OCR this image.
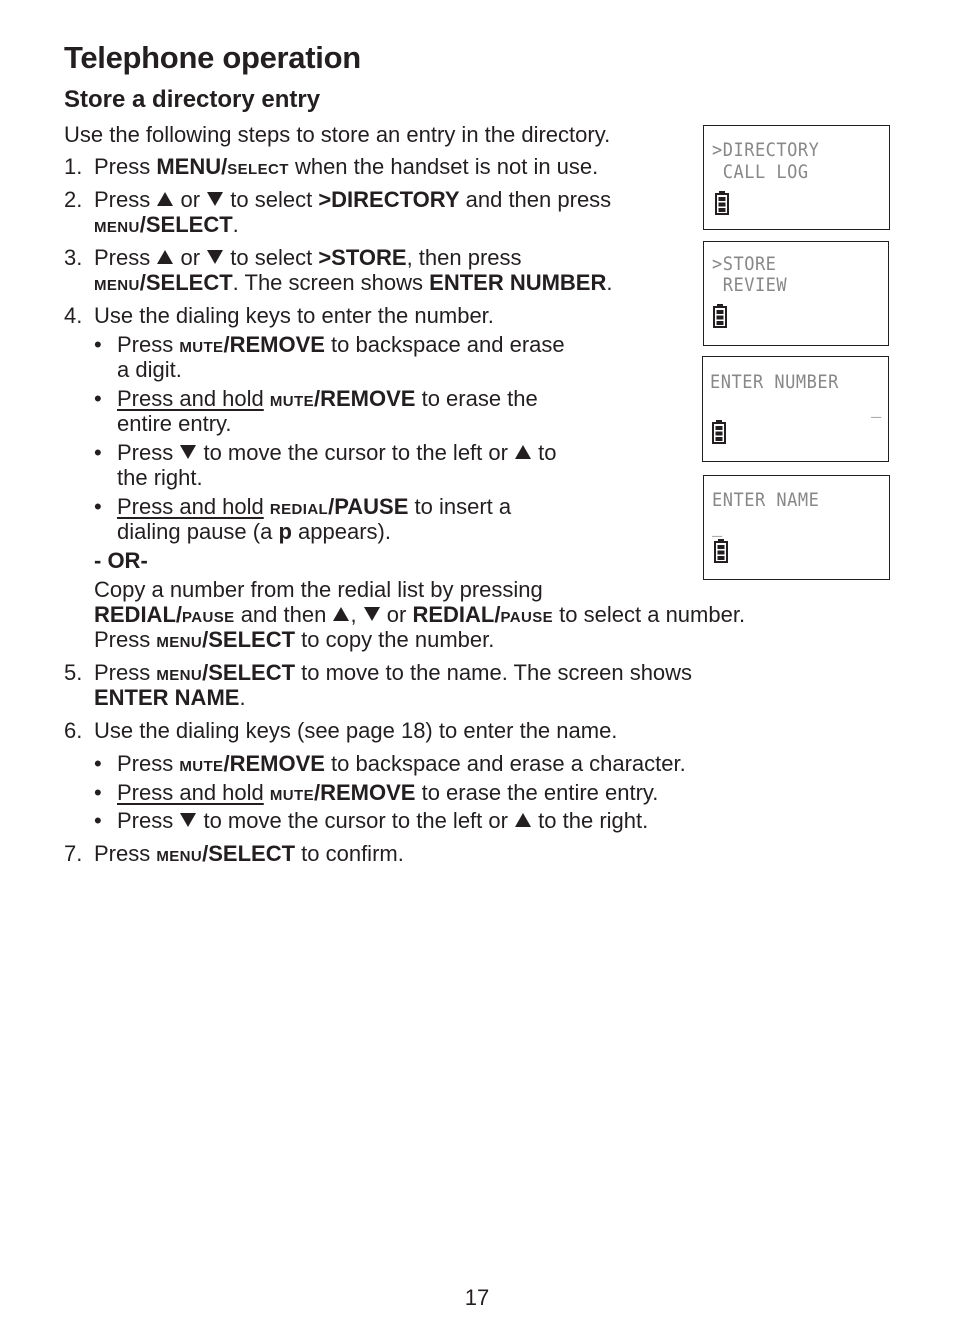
Telephone operation
Store a directory entry
Use the following steps to store an entry in the directory.
1. Press MENU/SELECT when the handset is not in use.
2. Press  or  to select >DIRECTORY and then press
MENU/SELECT.
3. Press  or  to select >STORE, then press
MENU/SELECT. The screen shows ENTER NUMBER.
4. Use the dialing keys to enter the number.
• Press MUTE/REMOVE to backspace and erase
a digit.
• Press and hold MUTE/REMOVE to erase the
entire entry.
• Press  to move the cursor to the left or  to
the right.
• Press and hold REDIAL/PAUSE to insert a
dialing pause (a p appears).
- OR-
Copy a number from the redial list by pressing
REDIAL/PAUSE and then ,  or REDIAL/PAUSE to select a number.
Press MENU/SELECT to copy the number.
5. Press MENU/SELECT to move to the name. The screen shows
ENTER NAME.
6. Use the dialing keys (see page 18) to enter the name.
• Press MUTE/REMOVE to backspace and erase a character.
• Press and hold MUTE/REMOVE to erase the entire entry.
• Press  to move the cursor to the left or  to the right.
7. Press MENU/SELECT to confirm.
>DIRECTORY
CALL LOG
>STORE
REVIEW
ENTER NUMBER
_
ENTER NAME
_
17
